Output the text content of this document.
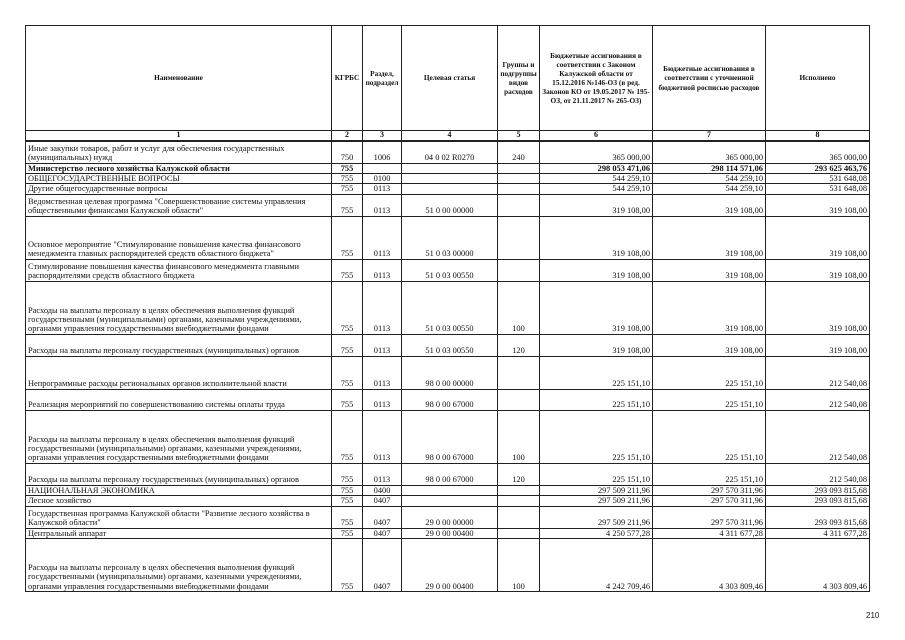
Наименование	КГРБС	Раздел, подраздел	Целевая статья	Группы и подгруппы видов расходов	Бюджетные ассигнования в соответствии с Законом Калужской области от 15.12.2016 №146-ОЗ (в ред. Законов КО от 19.05.2017 № 195-ОЗ, от 21.11.2017 № 265-ОЗ)	Бюджетные ассигнования в соответствии с уточненной бюджетной росписью расходов	Исполнено
1	2	3	4	5	6	7	8
Иные закупки товаров, работ и услуг для обеспечения государственных (муниципальных) нужд	750	1006	04 0 02 R0270	240	365 000,00	365 000,00	365 000,00
Министерство лесного хозяйства Калужской области	755				298 053 471,06	298 114 571,06	293 625 463,76
ОБЩЕГОСУДАРСТВЕННЫЕ ВОПРОСЫ	755	0100			544 259,10	544 259,10	531 648,08
Другие общегосударственные вопросы	755	0113			544 259,10	544 259,10	531 648,08
Ведомственная целевая программа "Совершенствование системы управления общественными финансами Калужской области"	755	0113	51 0 00 00000		319 108,00	319 108,00	319 108,00
Основное мероприятие "Стимулирование повышения качества финансового менеджмента главных распорядителей средств областного бюджета"	755	0113	51 0 03 00000		319 108,00	319 108,00	319 108,00
Стимулирование повышения качества финансового менеджмента главными распорядителями средств областного бюджета	755	0113	51 0 03 00550		319 108,00	319 108,00	319 108,00
Расходы на выплаты персоналу в целях обеспечения выполнения функций государственными (муниципальными) органами, казенными учреждениями, органами управления государственными внебюджетными фондами	755	0113	51 0 03 00550	100	319 108,00	319 108,00	319 108,00
Расходы на выплаты персоналу государственных (муниципальных) органов	755	0113	51 0 03 00550	120	319 108,00	319 108,00	319 108,00
Непрограммные расходы региональных органов исполнительной власти	755	0113	98 0 00 00000		225 151,10	225 151,10	212 540,08
Реализация мероприятий по совершенствованию системы оплаты труда	755	0113	98 0 00 67000		225 151,10	225 151,10	212 540,08
Расходы на выплаты персоналу в целях обеспечения выполнения функций государственными (муниципальными) органами, казенными учреждениями, органами управления государственными внебюджетными фондами	755	0113	98 0 00 67000	100	225 151,10	225 151,10	212 540,08
Расходы на выплаты персоналу государственных (муниципальных) органов	755	0113	98 0 00 67000	120	225 151,10	225 151,10	212 540,08
НАЦИОНАЛЬНАЯ ЭКОНОМИКА	755	0400			297 509 211,96	297 570 311,96	293 093 815,68
Лесное хозяйство	755	0407			297 509 211,96	297 570 311,96	293 093 815,68
Государственная программа Калужской области "Развитие лесного хозяйства в Калужской области"	755	0407	29 0 00 00000		297 509 211,96	297 570 311,96	293 093 815,68
Центральный аппарат	755	0407	29 0 00 00400		4 250 577,28	4 311 677,28	4 311 677,28
Расходы на выплаты персоналу в целях обеспечения выполнения функций государственными (муниципальными) органами, казенными учреждениями, органами управления государственными внебюджетными фондами	755	0407	29 0 00 00400	100	4 242 709,46	4 303 809,46	4 303 809,46
210
